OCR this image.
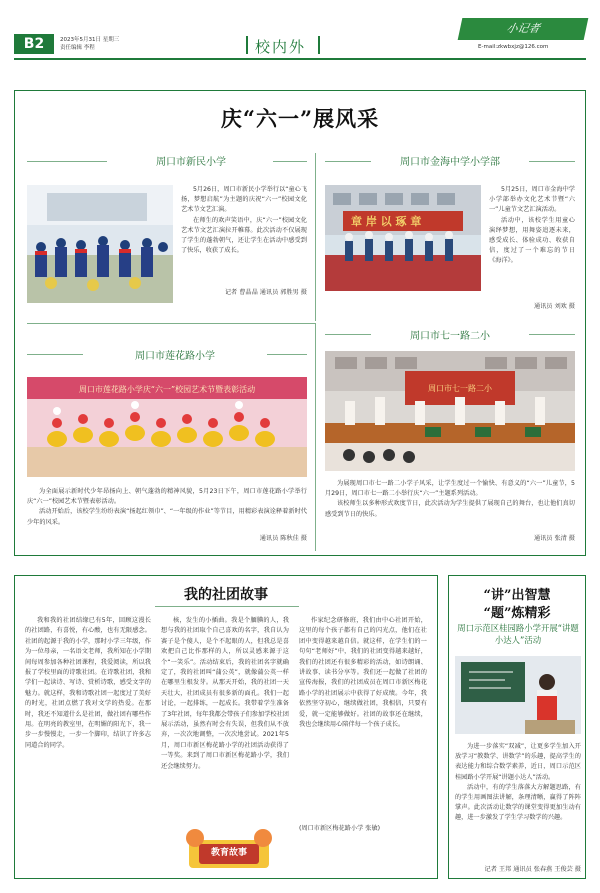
B2	2023年5月31日 星期三
责任编辑 李程	校内外
小记者
E-mail:zkwbxjz@126.com
庆“六一”展风采
周口市新民小学

5月26日，周口市新民小学举行以“童心飞扬，梦想启航”为主题的庆祝“六一”校园文化艺术节文艺汇演。

在师生的欢声笑语中，庆“六一”校园文化艺术节文艺汇演拉开帷幕。此次活动不仅展现了学生的蓬勃朝气，还让学生在活动中感受到了快乐，收获了成长。

记者 曹晶晶 通讯员 郭胜男 摄
周口市金海中学小学部
章 岸 以 琢 章

5月25日，周口市金海中学小学部举办文化艺术节暨“六一”儿童节文艺汇演活动。

活动中，该校学生用童心演绎梦想，用舞姿追逐未来，感受成长、体验成功、收获自信，度过了一个难忘的节日《海洋》。

通讯员 刘欢 摄
周口市七一路二小
周口市莲花路小学
周口市莲花路小学庆“六一”校园艺术节暨表彰活动

为全面展示新时代少年昂扬向上、朝气蓬勃的精神风貌，5月23日下午，周口市莲花路小学举行庆“六一”校园艺术节暨表彰活动。

活动开始后，该校学生纷纷表演“扬起红领巾”、“一年级的作业”等节目，用精彩表演诠释着新时代少年的风采。

通讯员 陈秋佳 摄
周口市七一路二小

为展现周口市七一路二小学子风采，让学生度过一个愉快、有意义的“六一”儿童节，5月29日，周口市七一路二小举行庆“六一”主题系列活动。

该校师生以多种形式欢度节日，此次活动为学生提供了展现自己的舞台，也让他们真切感受到节日的快乐。

通讯员 张清 摄
我的社团故事

我和我的社团结缘已有5年，回顾这漫长的社团路，有喜悦，有心酸，也有无限感念。社团的起源于我的小学，那时小学三年级，作为一位母亲，一名语文老师，我所知在小学期间每周参加各种社团课程，我爱阅读，所以我报了学校里面的诗歌社团。在诗歌社团，我和学们一起读诗、写诗、赏析诗歌，感受文字的魅力。就这样，我和诗歌社团一起度过了美好的时光，社团点燃了我对文学的热爱。在那时，我还不知道什么是社团，做社团有哪些作用。在明亮的教室里，在明媚的阳光下，我一步一步慢慢走，一步一个脚印，结识了许多志同道合的同学。

核，发生的小插曲。我是个腼腆的人，我想与我的社团取个自己喜欢的名字，我自认为赛子是个傻人，是个不起眼的人，但我总是喜欢把自己比作那样的人，所以灵感来源于这个“一笑乐”。活动结束后，我的社团名字就确定了，我的社团叫“蒲公英”，就像蒲公英一样在哪里生根发芽。从那天开始，我的社团一天天壮大，社团成员有很多新的面孔。我们一起讨论，一起排练，一起成长。我带着学生准备了3年社团，每年我都会带孩子们参加学校社团展示活动，虽然有时会有失误，但我们从不放弃，一次次地调整，一次次地尝试。2021年5月，周口市新区梅花路小学的社团活动获得了一等奖。来到了周口市新区梅花路小学，我们还会继续努力。

作家纪念研修班，我们由中心社团开始，这里的每个孩子都有自己的闪光点，他们在社团中变得越来越自信。就这样，在学生们的一句句“老师好”中，我们的社团变得越来越好，我们的社团还有很多精彩的活动，如诗朗诵、讲故事、读书分享等。我们还一起做了社团的宣传海报，我们的社团成员在周口市新区梅花路小学的社团展示中获得了好成绩。今年，我依然坚守初心，继续做社团，我相信，只要有爱，就一定能够做好。社团的故事还在继续，我也会继续用心陪伴每一个孩子成长。

(周口市新区梅花路小学 张敏)
教育故事
“讲”出智慧
“题”炼精彩
周口示范区桂园路小学开展“讲题小达人”活动

为进一步落实“双减”，让更多学生加入开放学习“教数学、讲数学”的乐趣，提高学生的表达能力和综合数学素养，近日，周口示范区桂园路小学开展“讲题小达人”活动。

活动中，有的学生落落大方解题思路，有的学生用画图法讲解，条理清晰，赢得了阵阵掌声。此次活动让数学的课堂变得更加生动有趣，进一步激发了学生学习数学的兴趣。

记者 王邦 通讯员 张春燕 王俊芸 摄
